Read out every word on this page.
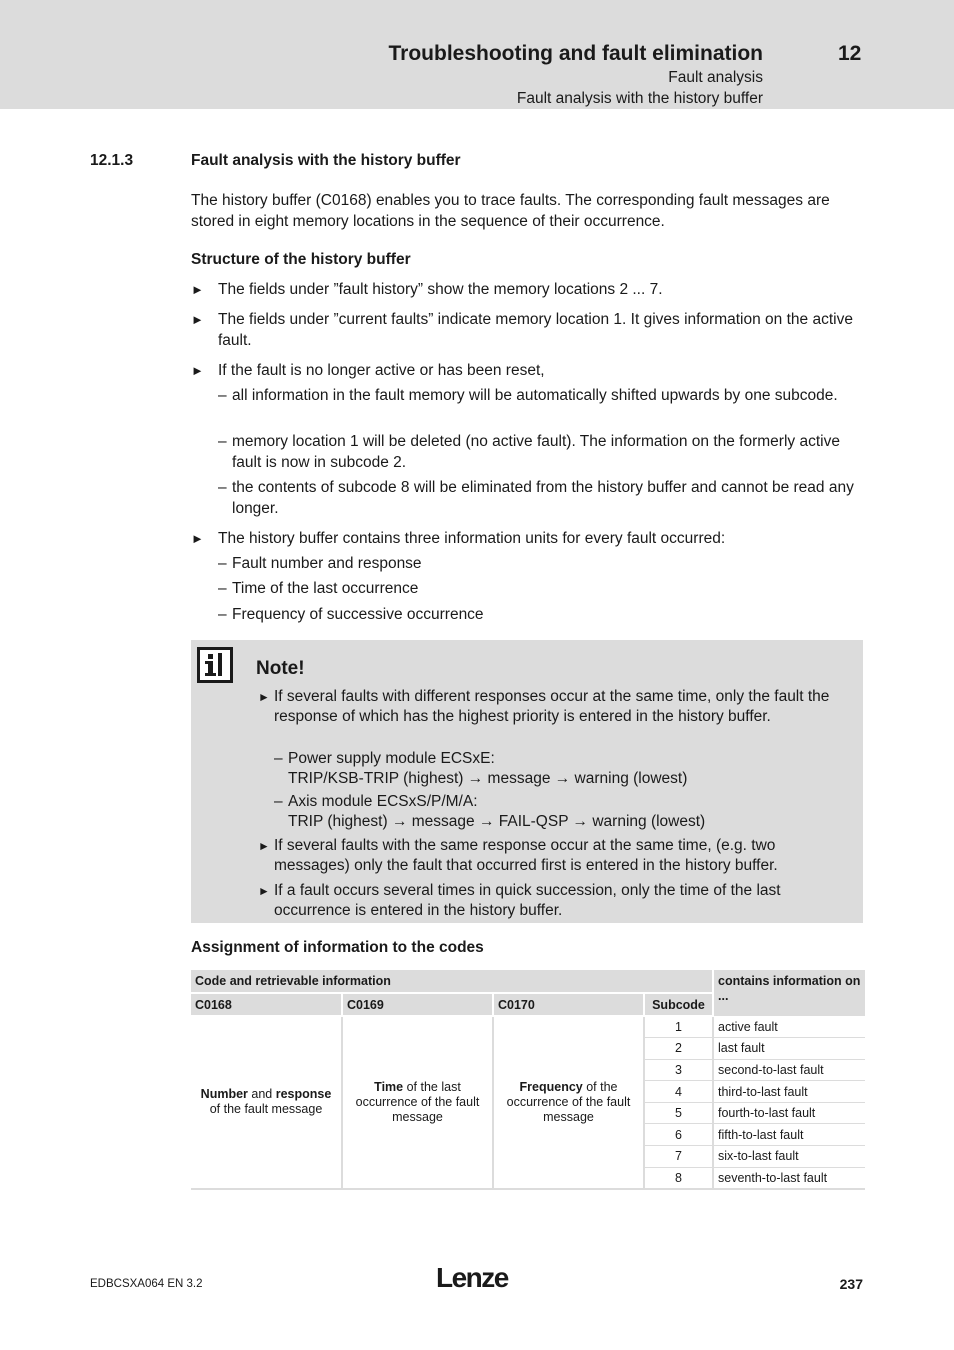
Troubleshooting and fault elimination	12
Fault analysis
Fault analysis with the history buffer
12.1.3	Fault analysis with the history buffer
The history buffer (C0168) enables you to trace faults. The corresponding fault messages are stored in eight memory locations in the sequence of their occurrence.
Structure of the history buffer
► The fields under ”fault history” show the memory locations 2 ... 7.
► The fields under ”current faults” indicate memory location 1. It gives information on the active fault.
► If the fault is no longer active or has been reset,
– all information in the fault memory will be automatically shifted upwards by one subcode.
– memory location 1 will be deleted (no active fault). The information on the formerly active fault is now in subcode 2.
– the contents of subcode 8 will be eliminated from the history buffer and cannot be read any longer.
► The history buffer contains three information units for every fault occurred:
– Fault number and response
– Time of the last occurrence
– Frequency of successive occurrence
Note!
► If several faults with different responses occur at the same time, only the fault the response of which has the highest priority is entered in the history buffer.
– Power supply module ECSxE:
TRIP/KSB-TRIP (highest) → message → warning (lowest)
– Axis module ECSxS/P/M/A:
TRIP (highest) → message → FAIL-QSP → warning (lowest)
► If several faults with the same response occur at the same time, (e.g. two messages) only the fault that occurred first is entered in the history buffer.
► If a fault occurs several times in quick succession, only the time of the last occurrence is entered in the history buffer.
Assignment of information to the codes
Code and retrievable information				contains information on ...
C0168	C0169	C0170	Subcode	
Number and response
of the fault message	Time of the last occurrence of the fault message	Frequency of the occurrence of the fault message	1	active fault
			2	last fault
			3	second-to-last fault
			4	third-to-last fault
			5	fourth-to-last fault
			6	fifth-to-last fault
			7	six-to-last fault
			8	seventh-to-last fault
EDBCSXA064 EN 3.2	Lenze	237
